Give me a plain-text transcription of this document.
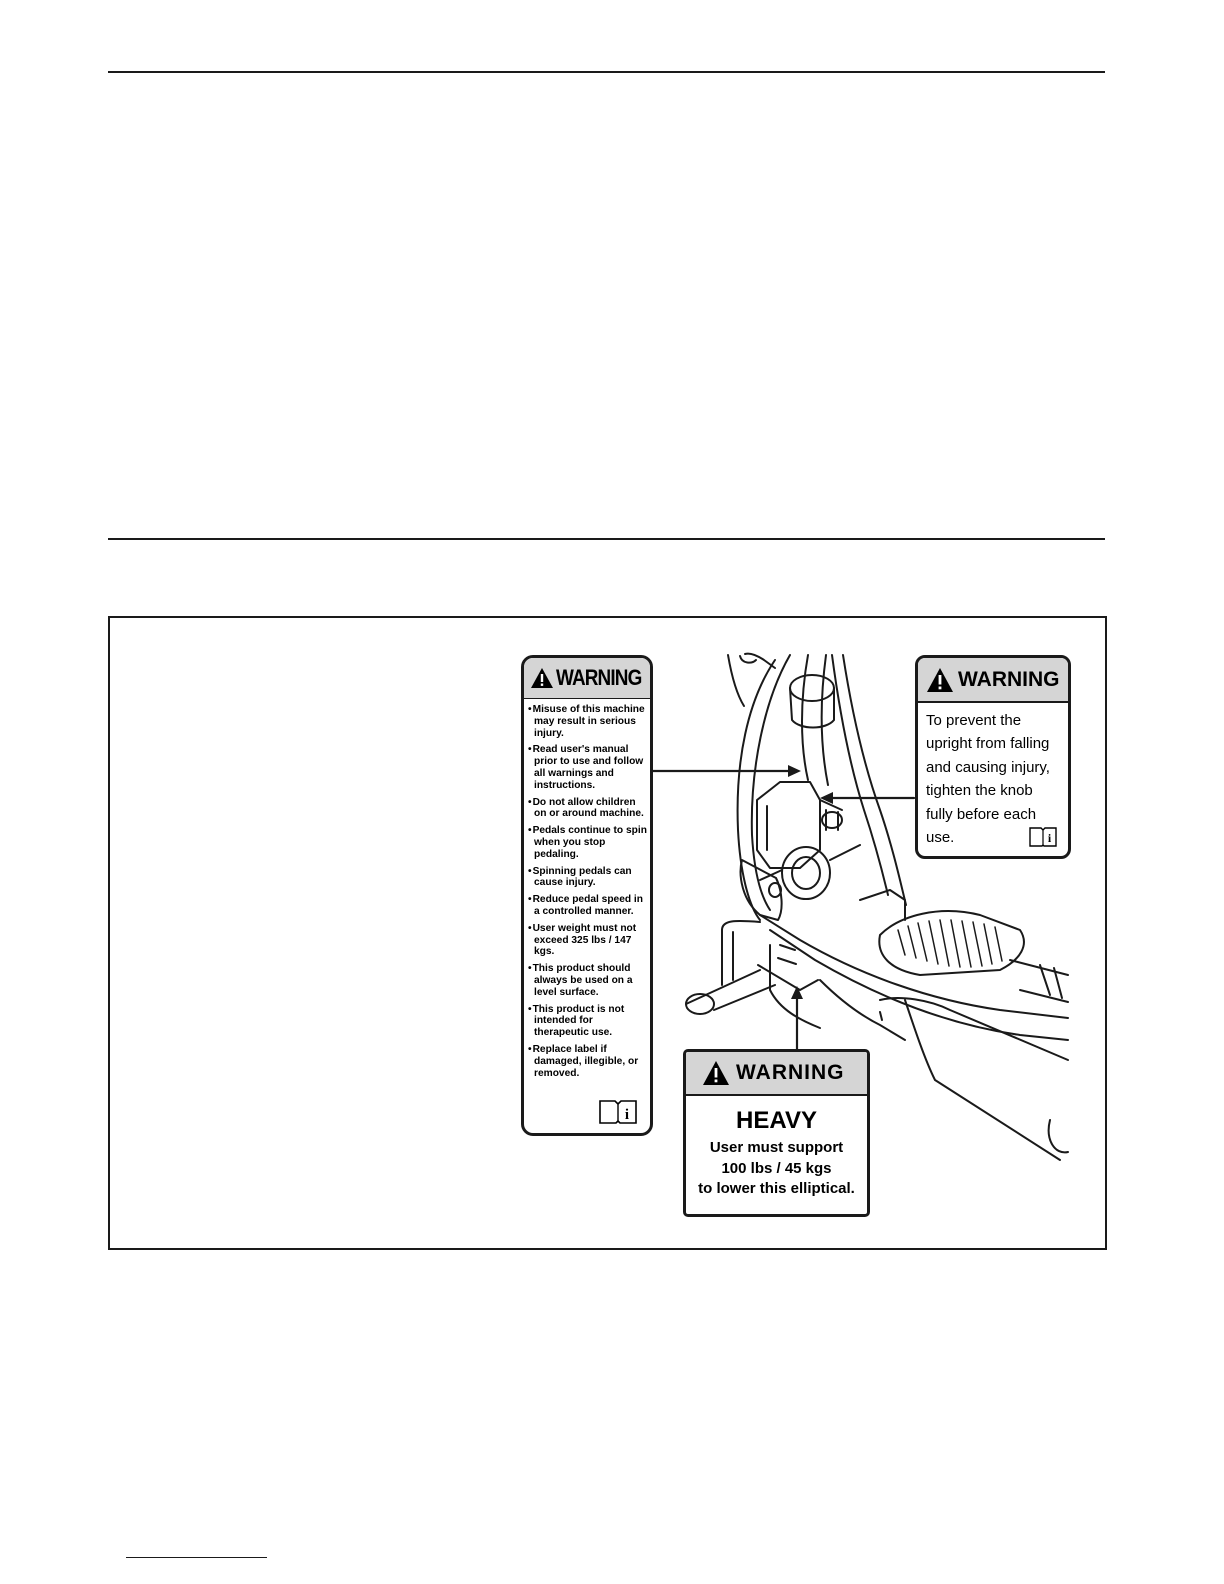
WARNING
• Misuse of this machine may result in serious injury.
• Read user's manual prior to use and follow all warnings and instructions.
• Do not allow children on or around machine.
• Pedals continue to spin when you stop pedaling.
• Spinning pedals can cause injury.
• Reduce pedal speed in a controlled manner.
• User weight must not exceed 325 lbs / 147 kgs.
• This product should always be used on a level surface.
• This product is not intended for therapeutic use.
• Replace label if damaged, illegible, or removed.
i
WARNING
To prevent the upright from falling and causing injury, tighten the knob fully before each use.	i
WARNING
HEAVY
User must support
100 lbs / 45 kgs
to lower this elliptical.
